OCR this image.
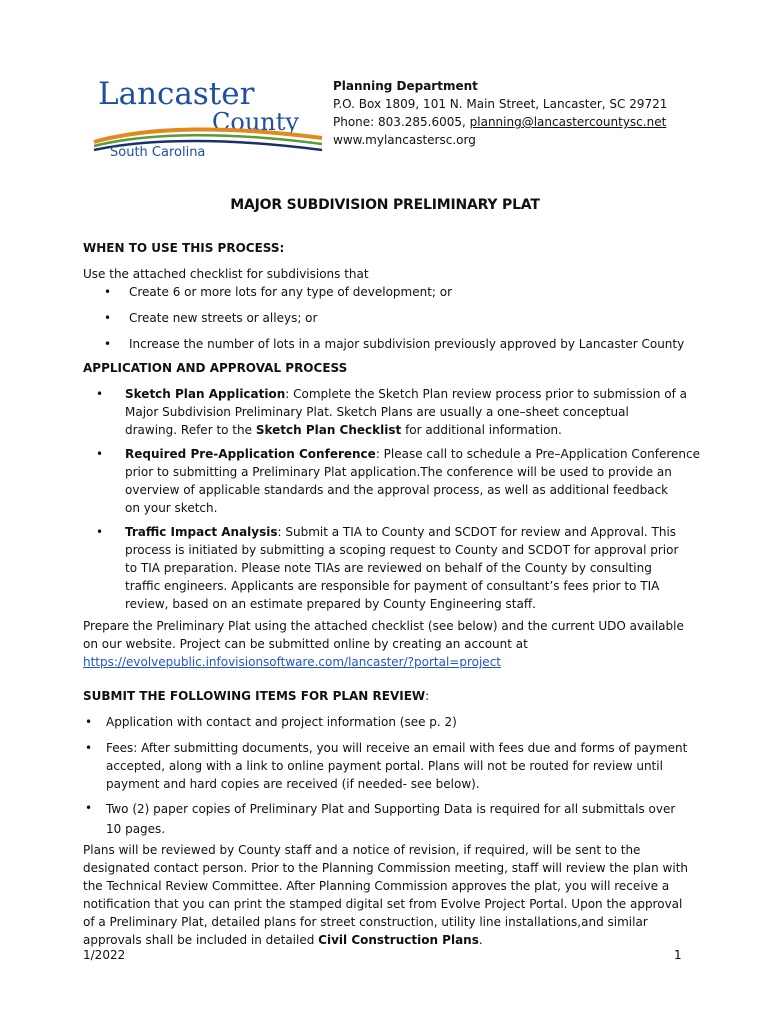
Lancaster
County
South Carolina
Planning Department
P.O. Box 1809, 101 N. Main Street, Lancaster, SC 29721
Phone: 803.285.6005, planning@lancastercountysc.net
www.mylancastersc.org
MAJOR SUBDIVISION PRELIMINARY PLAT
WHEN TO USE THIS PROCESS:
Use the attached checklist for subdivisions that
• Create 6 or more lots for any type of development; or
• Create new streets or alleys; or
• Increase the number of lots in a major subdivision previously approved by Lancaster County
APPLICATION AND APPROVAL PROCESS
• Sketch Plan Application: Complete the Sketch Plan review process prior to submission of a
Major Subdivision Preliminary Plat. Sketch Plans are usually a one–sheet conceptual
drawing. Refer to the Sketch Plan Checklist for additional information.
• Required Pre-Application Conference: Please call to schedule a Pre–Application Conference
prior to submitting a Preliminary Plat application.The conference will be used to provide an
overview of applicable standards and the approval process, as well as additional feedback
on your sketch.
• Traffic Impact Analysis: Submit a TIA to County and SCDOT for review and Approval. This
process is initiated by submitting a scoping request to County and SCDOT for approval prior
to TIA preparation. Please note TIAs are reviewed on behalf of the County by consulting
traffic engineers. Applicants are responsible for payment of consultant’s fees prior to TIA
review, based on an estimate prepared by County Engineering staff.
Prepare the Preliminary Plat using the attached checklist (see below) and the current UDO available
on our website. Project can be submitted online by creating an account at
https://evolvepublic.infovisionsoftware.com/lancaster/?portal=project
SUBMIT THE FOLLOWING ITEMS FOR PLAN REVIEW:
• Application with contact and project information (see p. 2)
• Fees: After submitting documents, you will receive an email with fees due and forms of payment
accepted, along with a link to online payment portal. Plans will not be routed for review until
payment and hard copies are received (if needed- see below).
• Two (2) paper copies of Preliminary Plat and Supporting Data is required for all submittals over
10 pages.
Plans will be reviewed by County staff and a notice of revision, if required, will be sent to the
designated contact person. Prior to the Planning Commission meeting, staff will review the plan with
the Technical Review Committee. After Planning Commission approves the plat, you will receive a
notification that you can print the stamped digital set from Evolve Project Portal. Upon the approval
of a Preliminary Plat, detailed plans for street construction, utility line installations,and similar
approvals shall be included in detailed Civil Construction Plans.
1/2022	1
